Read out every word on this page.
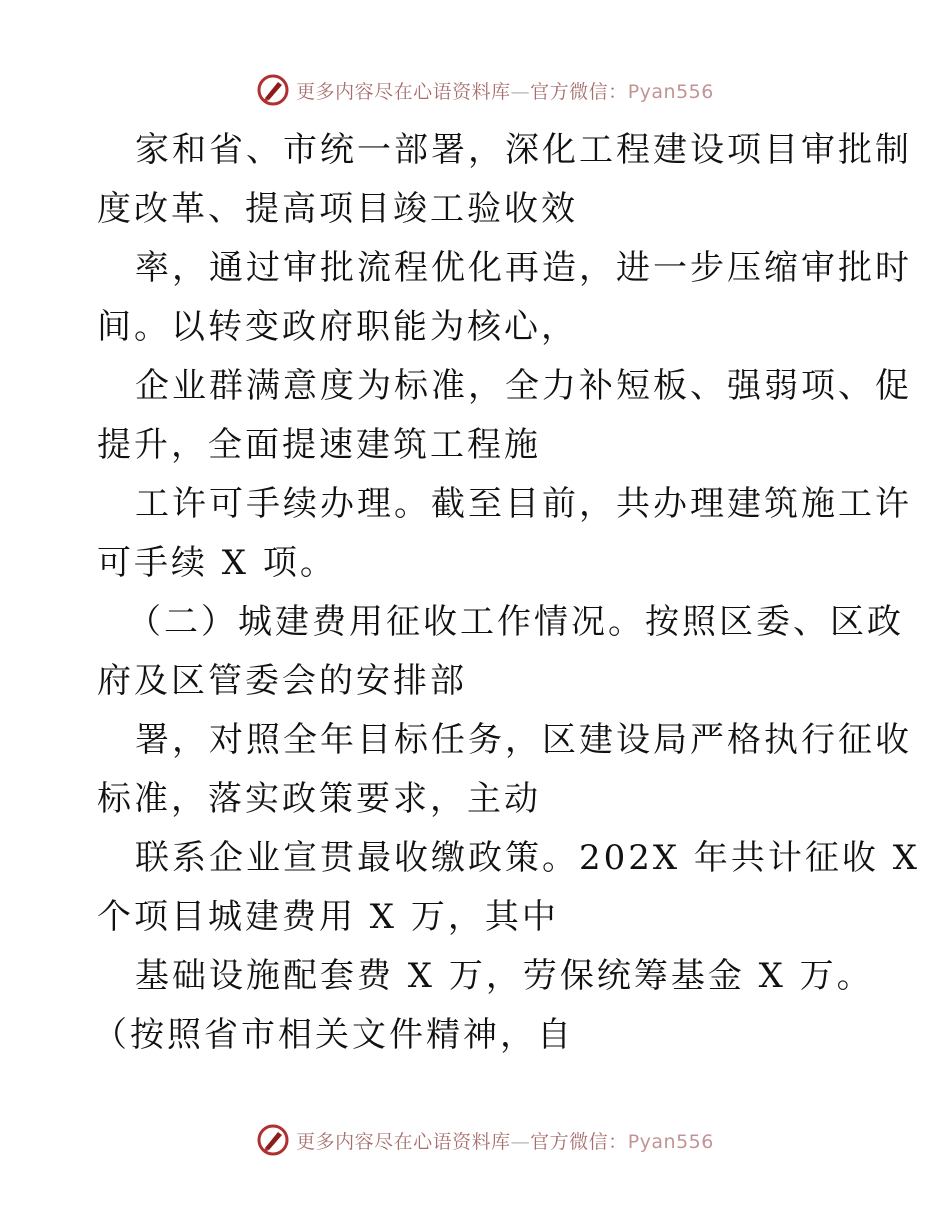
更多内容尽在心语资料库—官方微信：Pyan556
家和省、市统一部署，深化工程建设项目审批制
度改革、提高项目竣工验收效
率，通过审批流程优化再造，进一步压缩审批时
间。以转变政府职能为核心，
企业群满意度为标准，全力补短板、强弱项、促
提升，全面提速建筑工程施
工许可手续办理。截至目前，共办理建筑施工许
可手续 X 项。
（二）城建费用征收工作情况。按照区委、区政
府及区管委会的安排部
署，对照全年目标任务，区建设局严格执行征收
标准，落实政策要求，主动
联系企业宣贯最收缴政策。202X 年共计征收 X
个项目城建费用 X 万，其中
基础设施配套费 X 万，劳保统筹基金 X 万。
（按照省市相关文件精神，自
更多内容尽在心语资料库—官方微信：Pyan556
